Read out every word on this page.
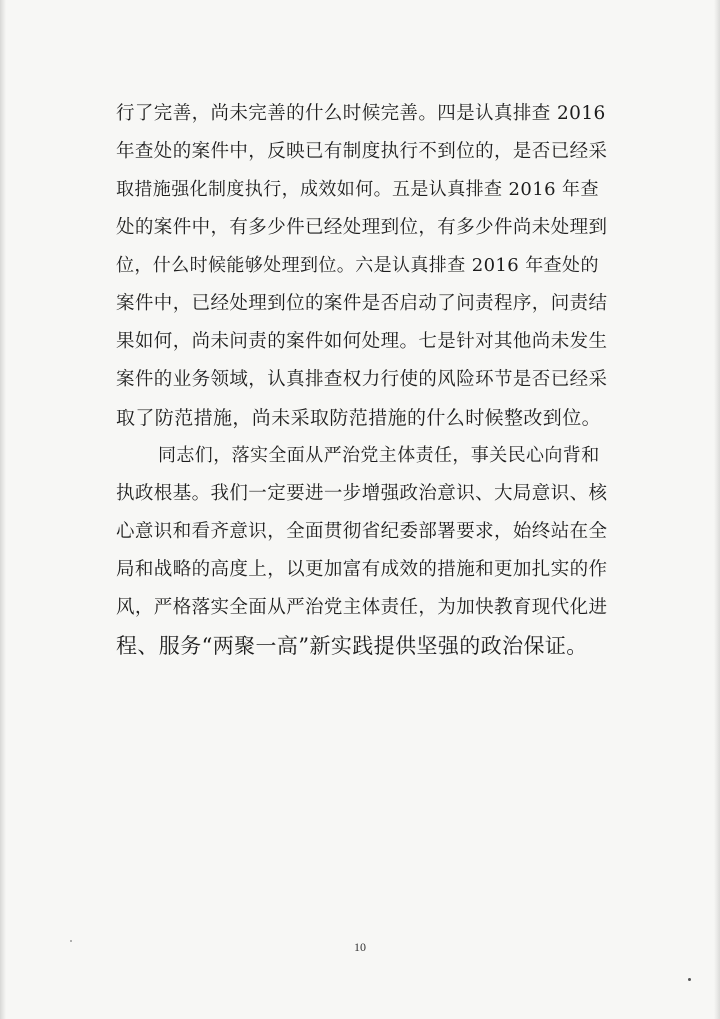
行了完善，尚未完善的什么时候完善。四是认真排查 2016
年查处的案件中，反映已有制度执行不到位的，是否已经采
取措施强化制度执行，成效如何。五是认真排查 2016 年查
处的案件中，有多少件已经处理到位，有多少件尚未处理到
位，什么时候能够处理到位。六是认真排查 2016 年查处的
案件中，已经处理到位的案件是否启动了问责程序，问责结
果如何，尚未问责的案件如何处理。七是针对其他尚未发生
案件的业务领域，认真排查权力行使的风险环节是否已经采
取了防范措施，尚未采取防范措施的什么时候整改到位。
同志们，落实全面从严治党主体责任，事关民心向背和
执政根基。我们一定要进一步增强政治意识、大局意识、核
心意识和看齐意识，全面贯彻省纪委部署要求，始终站在全
局和战略的高度上，以更加富有成效的措施和更加扎实的作
风，严格落实全面从严治党主体责任，为加快教育现代化进
程、服务“两聚一高”新实践提供坚强的政治保证。
10
